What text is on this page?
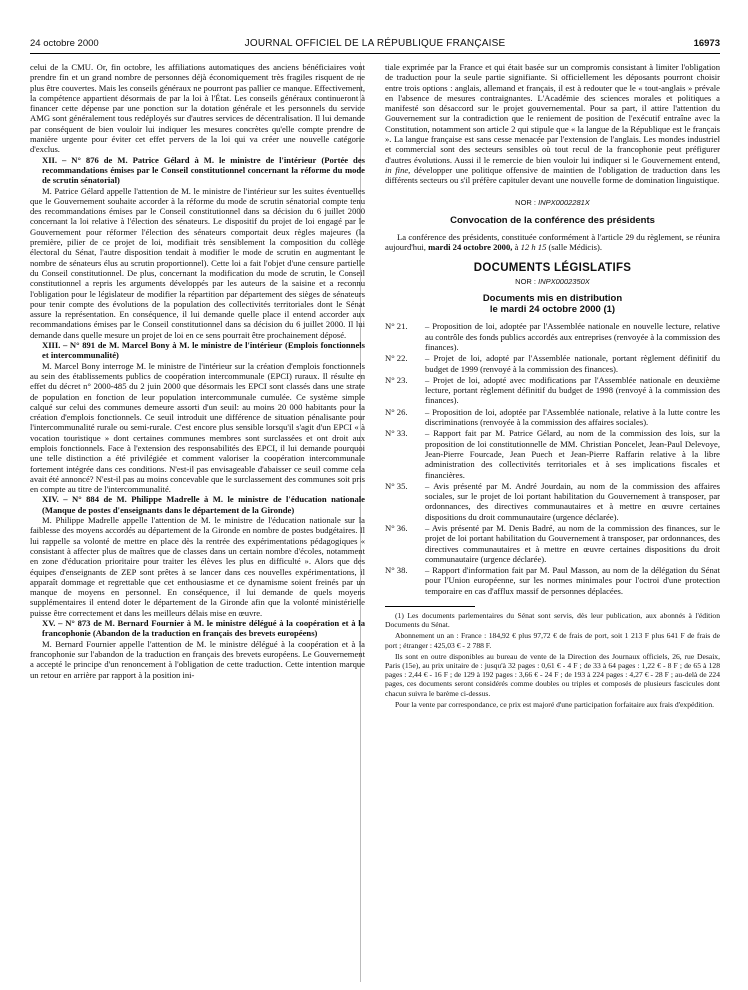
24 octobre 2000	JOURNAL OFFICIEL DE LA RÉPUBLIQUE FRANÇAISE	16973

celui de la CMU. Or, fin octobre, les affiliations automatiques des anciens bénéficiaires vont prendre fin et un grand nombre de personnes déjà économiquement très fragiles risquent de ne plus être couvertes. Mais les conseils généraux ne pourront pas pallier ce manque. Effectivement, la compétence appartient désormais de par la loi à l'État. Les conseils généraux continueront à financer cette dépense par une ponction sur la dotation générale et les personnels du service AMG sont généralement tous redéployés sur d'autres services de décentralisation. Il lui demande par conséquent de bien vouloir lui indiquer les mesures concrètes qu'elle compte prendre de manière urgente pour éviter cet effet pervers de la loi qui va créer une nouvelle catégorie d'exclus.

XII. – N° 876 de M. Patrice Gélard à M. le ministre de l'intérieur (Portée des recommandations émises par le Conseil constitutionnel concernant la réforme du mode de scrutin sénatorial)

M. Patrice Gélard appelle l'attention de M. le ministre de l'intérieur sur les suites éventuelles que le Gouvernement souhaite accorder à la réforme du mode de scrutin sénatorial compte tenu des recommandations émises par le Conseil constitutionnel dans sa décision du 6 juillet 2000 concernant la loi relative à l'élection des sénateurs. Le dispositif du projet de loi engagé par le Gouvernement pour réformer l'élection des sénateurs comportait deux règles majeures (la première, pilier de ce projet de loi, modifiait très sensiblement la composition du collège électoral du Sénat, l'autre disposition tendait à modifier le mode de scrutin en augmentant le nombre de sénateurs élus au scrutin proportionnel). Cette loi a fait l'objet d'une censure partielle du Conseil constitutionnel. De plus, concernant la modification du mode de scrutin, le Conseil constitutionnel a repris les arguments développés par les auteurs de la saisine et a reconnu l'obligation pour le législateur de modifier la répartition par département des sièges de sénateurs pour tenir compte des évolutions de la population des collectivités territoriales dont le Sénat assure la représentation. En conséquence, il lui demande quelle place il entend accorder aux recommandations émises par le Conseil constitutionnel dans sa décision du 6 juillet 2000. Il lui demande dans quelle mesure un projet de loi en ce sens pourrait être prochainement déposé.

XIII. – N° 891 de M. Marcel Bony à M. le ministre de l'intérieur (Emplois fonctionnels et intercommunalité)

M. Marcel Bony interroge M. le ministre de l'intérieur sur la création d'emplois fonctionnels au sein des établissements publics de coopération intercommunale (EPCI) ruraux. Il résulte en effet du décret n° 2000-485 du 2 juin 2000 que désormais les EPCI sont classés dans une strate de population en fonction de leur population intercommunale cumulée. Ce système simple calqué sur celui des communes demeure assorti d'un seuil: au moins 20 000 habitants pour la création d'emplois fonctionnels. Ce seuil introduit une différence de situation pénalisante pour l'intercommunalité rurale ou semi-rurale. C'est encore plus sensible lorsqu'il s'agit d'un EPCI « à vocation touristique » dont certaines communes membres sont surclassées et ont droit aux emplois fonctionnels. Face à l'extension des responsabilités des EPCI, il lui demande pourquoi une telle distinction a été privilégiée et comment valoriser la coopération intercommunale fortement intégrée dans ces conditions. N'est-il pas envisageable d'abaisser ce seuil comme cela avait été annoncé? N'est-il pas au moins concevable que le surclassement des communes soit pris en compte au titre de l'intercommunalité.

XIV. – N° 884 de M. Philippe Madrelle à M. le ministre de l'éducation nationale (Manque de postes d'enseignants dans le département de la Gironde)

M. Philippe Madrelle appelle l'attention de M. le ministre de l'éducation nationale sur la faiblesse des moyens accordés au département de la Gironde en nombre de postes budgétaires. Il lui rappelle sa volonté de mettre en place dès la rentrée des expérimentations pédagogiques « consistant à affecter plus de maîtres que de classes dans un certain nombre d'écoles, notamment en zone d'éducation prioritaire pour traiter les élèves les plus en difficulté ». Alors que des équipes d'enseignants de ZEP sont prêtes à se lancer dans ces nouvelles expérimentations, il apparaît dommage et regrettable que cet enthousiasme et ce dynamisme soient freinés par un manque de moyens en personnel. En conséquence, il lui demande de quels moyens supplémentaires il entend doter le département de la Gironde afin que la volonté ministérielle puisse être correctement et dans les meilleurs délais mise en œuvre.

XV. – N° 873 de M. Bernard Fournier à M. le ministre délégué à la coopération et à la francophonie (Abandon de la traduction en français des brevets européens)

M. Bernard Fournier appelle l'attention de M. le ministre délégué à la coopération et à la francophonie sur l'abandon de la traduction en français des brevets européens. Le Gouvernement a accepté le principe d'un renoncement à l'obligation de cette traduction. Cette intention marque un retour en arrière par rapport à la position ini-

tiale exprimée par la France et qui était basée sur un compromis consistant à limiter l'obligation de traduction pour la seule partie signifiante. Si officiellement les déposants pourront choisir entre trois options : anglais, allemand et français, il est à redouter que le « tout-anglais » prévale en l'absence de mesures contraignantes. L'Académie des sciences morales et politiques a manifesté son désaccord sur le projet gouvernemental. Pour sa part, il attire l'attention du Gouvernement sur la contradiction que le reniement de position de l'exécutif entraîne avec la Constitution, notamment son article 2 qui stipule que « la langue de la République est le français ». La langue française est sans cesse menacée par l'extension de l'anglais. Les mondes industriel et commercial sont des secteurs sensibles où tout recul de la francophonie peut préfigurer d'autres évolutions. Aussi il le remercie de bien vouloir lui indiquer si le Gouvernement entend, in fine, développer une politique offensive de maintien de l'obligation de traduction dans les différents secteurs ou s'il préfère capituler devant une nouvelle forme de domination linguistique.

NOR : INPX0002281X
Convocation de la conférence des présidents

La conférence des présidents, constituée conformément à l'article 29 du règlement, se réunira aujourd'hui, mardi 24 octobre 2000, à 12 h 15 (salle Médicis).

DOCUMENTS LÉGISLATIFS
NOR : INPX0002350X
Documents mis en distribution
le mardi 24 octobre 2000 (1)
N° 21.	– Proposition de loi, adoptée par l'Assemblée nationale en nouvelle lecture, relative au contrôle des fonds publics accordés aux entreprises (renvoyée à la commission des finances).
N° 22.	– Projet de loi, adopté par l'Assemblée nationale, portant règlement définitif du budget de 1999 (renvoyé à la commission des finances).
N° 23.	– Projet de loi, adopté avec modifications par l'Assemblée nationale en deuxième lecture, portant règlement définitif du budget de 1998 (renvoyé à la commission des finances).
N° 26.	– Proposition de loi, adoptée par l'Assemblée nationale, relative à la lutte contre les discriminations (renvoyée à la commission des affaires sociales).
N° 33.	– Rapport fait par M. Patrice Gélard, au nom de la commission des lois, sur la proposition de loi constitutionnelle de MM. Christian Poncelet, Jean-Paul Delevoye, Jean-Pierre Fourcade, Jean Puech et Jean-Pierre Raffarin relative à la libre administration des collectivités territoriales et à ses implications fiscales et financières.
N° 35.	– Avis présenté par M. André Jourdain, au nom de la commission des affaires sociales, sur le projet de loi portant habilitation du Gouvernement à transposer, par ordonnances, des directives communautaires et à mettre en œuvre certaines dispositions du droit communautaire (urgence déclarée).
N° 36.	– Avis présenté par M. Denis Badré, au nom de la commission des finances, sur le projet de loi portant habilitation du Gouvernement à transposer, par ordonnances, des directives communautaires et à mettre en œuvre certaines dispositions du droit communautaire (urgence déclarée).
N° 38.	– Rapport d'information fait par M. Paul Masson, au nom de la délégation du Sénat pour l'Union européenne, sur les normes minimales pour l'octroi d'une protection temporaire en cas d'afflux massif de personnes déplacées.

(1) Les documents parlementaires du Sénat sont servis, dès leur publication, aux abonnés à l'édition Documents du Sénat.

Abonnement un an : France : 184,92 € plus 97,72 € de frais de port, soit 1 213 F plus 641 F de frais de port ; étranger : 425,03 € - 2 788 F.

Ils sont en outre disponibles au bureau de vente de la Direction des Journaux officiels, 26, rue Desaix, Paris (15e), au prix unitaire de : jusqu'à 32 pages : 0,61 € - 4 F ; de 33 à 64 pages : 1,22 € - 8 F ; de 65 à 128 pages : 2,44 € - 16 F ; de 129 à 192 pages : 3,66 € - 24 F ; de 193 à 224 pages : 4,27 € - 28 F ; au-delà de 224 pages, ces documents seront considérés comme doubles ou triples et composés de plusieurs fascicules dont chacun suivra le barème ci-dessus.

Pour la vente par correspondance, ce prix est majoré d'une participation forfaitaire aux frais d'expédition.
